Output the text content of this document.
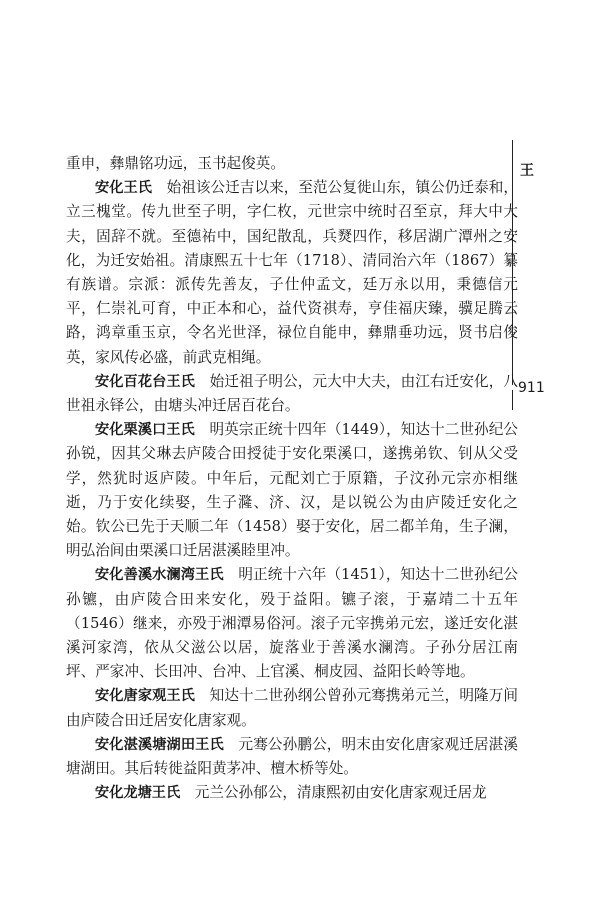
王
911

重申，彝鼎铭功远，玉书起俊英。

安化王氏　 始祖该公迁吉以来，至范公复徙山东，镇公仍迁泰和，立三槐堂。传九世至子明，字仁枚，元世宗中统时召至京，拜大中大夫，固辞不就。至德祐中，国纪散乱，兵燹四作，移居湖广潭州之安化，为迁安始祖。清康熙五十七年（1718）、清同治六年（1867）纂有族谱。宗派：派传先善友，子仕仲孟文，廷万永以用，秉德信元平，仁崇礼可育，中正本和心，益代资祺寿，亨佳福庆臻，骥足腾云路，鸿章重玉京，令名光世泽，禄位自能申，彝鼎垂功远，贤书启俊英，家风传必盛，前武克相绳。

安化百花台王氏　 始迁祖子明公，元大中大夫，由江右迁安化，八世祖永铎公，由塘头冲迁居百花台。

安化栗溪口王氏　 明英宗正统十四年（1449），知达十二世孙纪公孙锐，因其父琳去庐陵合田授徒于安化栗溪口，遂携弟钦、钊从父受学，然犹时返庐陵。中年后，元配刘亡于原籍，子汶孙元宗亦相继逝，乃于安化续娶，生子漋、济、汉，是以锐公为由庐陵迁安化之始。钦公已先于天顺二年（1458）娶于安化，居二都羊角，生子澜，明弘治间由栗溪口迁居湛溪睦里冲。

安化善溪水澜湾王氏　 明正统十六年（1451），知达十二世孙纪公孙镳，由庐陵合田来安化，殁于益阳。镳子滚，于嘉靖二十五年（1546）继来，亦殁于湘潭易俗河。滚子元宰携弟元宏，遂迁安化湛溪河家湾，依从父滋公以居，旋落业于善溪水澜湾。子孙分居江南坪、严家冲、长田冲、台冲、上官溪、桐皮园、益阳长岭等地。

安化唐家观王氏　 知达十二世孙纲公曾孙元骞携弟元兰，明隆万间由庐陵合田迁居安化唐家观。

安化湛溪塘湖田王氏　 元骞公孙鹏公，明末由安化唐家观迁居湛溪塘湖田。其后转徙益阳黄茅冲、檀木桥等处。

安化龙塘王氏　 元兰公孙郁公，清康熙初由安化唐家观迁居龙
